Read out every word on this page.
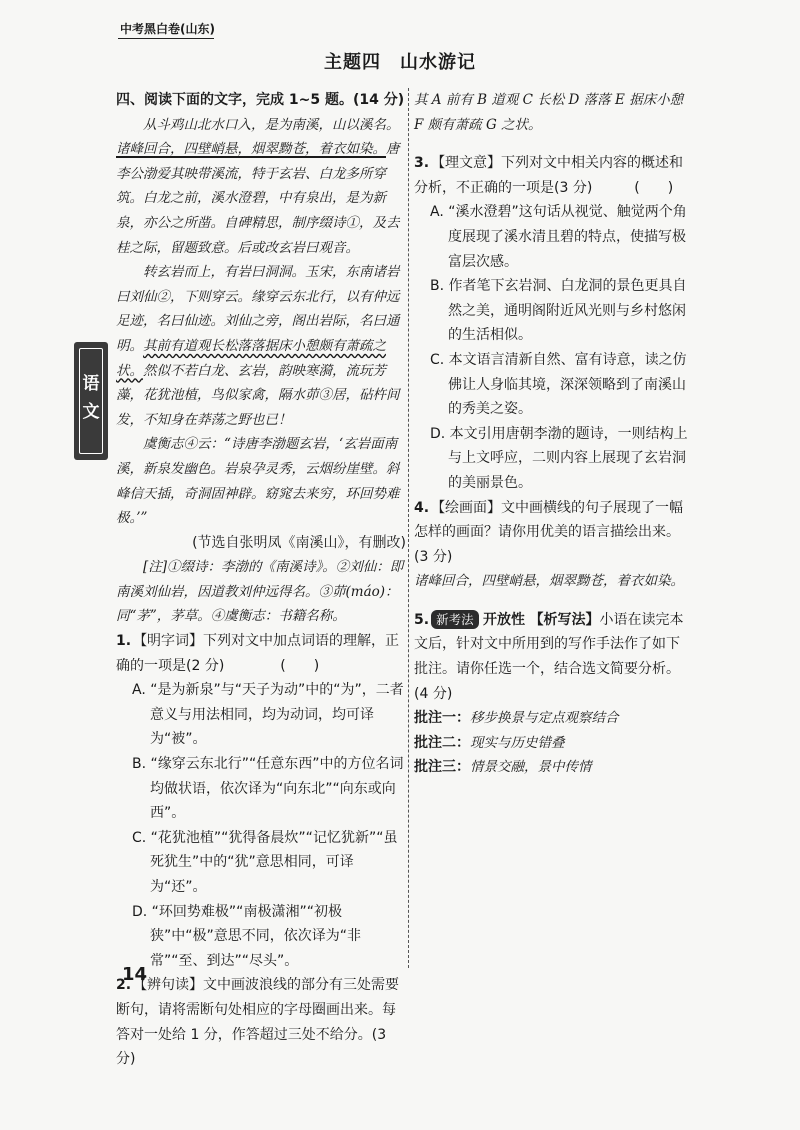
中考黑白卷(山东)
主题四　山水游记
语
文

四、阅读下面的文字，完成 1~5 题。(14 分)

从斗鸡山北水口入，是为南溪，山以溪名。诸峰回合，四壁峭悬，烟翠黝苍，着衣如染。唐李公渤爱其映带溪流，特于玄岩、白龙多所穿筑。白龙之前，溪水澄碧，中有泉出，是为新泉，亦公之所凿。自碑精思，制序缀诗①，及去桂之际，留题致意。后或改玄岩曰观音。

转玄岩而上，有岩曰洞洞。玉宋，东南诸岩曰刘仙②，下则穿云。缘穿云东北行，以有仲远足迹，名曰仙迹。刘仙之旁，阁出岩际，名曰通明。其前有道观长松落落据床小憩颇有萧疏之状。然似不若白龙、玄岩，韵映寒漪，流玩芳藻，花犹池植，鸟似家禽，隔水茆③居，砧杵间发，不知身在莽荡之野也已！

虞衡志④云：“诗唐李渤题玄岩，‘玄岩面南溪，新泉发幽色。岩泉孕灵秀，云烟纷崖壁。斜峰信天插，奇洞固神辟。窈窕去来穷，环回势难极。’”

(节选自张明凤《南溪山》，有删改)

[注]①缀诗：李渤的《南溪诗》。②刘仙：即南溪刘仙岩，因道教刘仲远得名。③茆(máo)：同“茅”，茅草。④虞衡志：书籍名称。

1. 【明字词】下列对文中加点词语的理解，正确的一项是(2 分)　　　　(　　)

A. “是为新泉”与“天子为动”中的“为”，二者意义与用法相同，均为动词，均可译为“被”。

B. “缘穿云东北行”“任意东西”中的方位名词均做状语，依次译为“向东北”“向东或向西”。

C. “花犹池植”“犹得备晨炊”“记忆犹新”“虽死犹生”中的“犹”意思相同，可译为“还”。

D. “环回势难极”“南极潇湘”“初极狭”中“极”意思不同，依次译为“非常”“至、到达”“尽头”。

2. 【辨句读】文中画波浪线的部分有三处需要断句，请将需断句处相应的字母圈画出来。每答对一处给 1 分，作答超过三处不给分。(3 分)

其 A 前有 B 道观 C 长松 D 落落 E 据床小憩 F 颇有萧疏 G 之状。

3. 【理文意】下列对文中相关内容的概述和分析，不正确的一项是(3 分)　　　(　　)

A. “溪水澄碧”这句话从视觉、触觉两个角度展现了溪水清且碧的特点，使描写极富层次感。

B. 作者笔下玄岩洞、白龙洞的景色更具自然之美，通明阁附近风光则与乡村悠闲的生活相似。

C. 本文语言清新自然、富有诗意，读之仿佛让人身临其境，深深领略到了南溪山的秀美之姿。

D. 本文引用唐朝李渤的题诗，一则结构上与上文呼应，二则内容上展现了玄岩洞的美丽景色。

4. 【绘画面】文中画横线的句子展现了一幅怎样的画面？请你用优美的语言描绘出来。(3 分)

诸峰回合，四壁峭悬，烟翠黝苍，着衣如染。

5. 新考法 开放性 【析写法】小语在读完本文后，针对文中所用到的写作手法作了如下批注。请你任选一个，结合选文简要分析。(4 分)

批注一：移步换景与定点观察结合

批注二：现实与历史错叠

批注三：情景交融，景中传情

14
